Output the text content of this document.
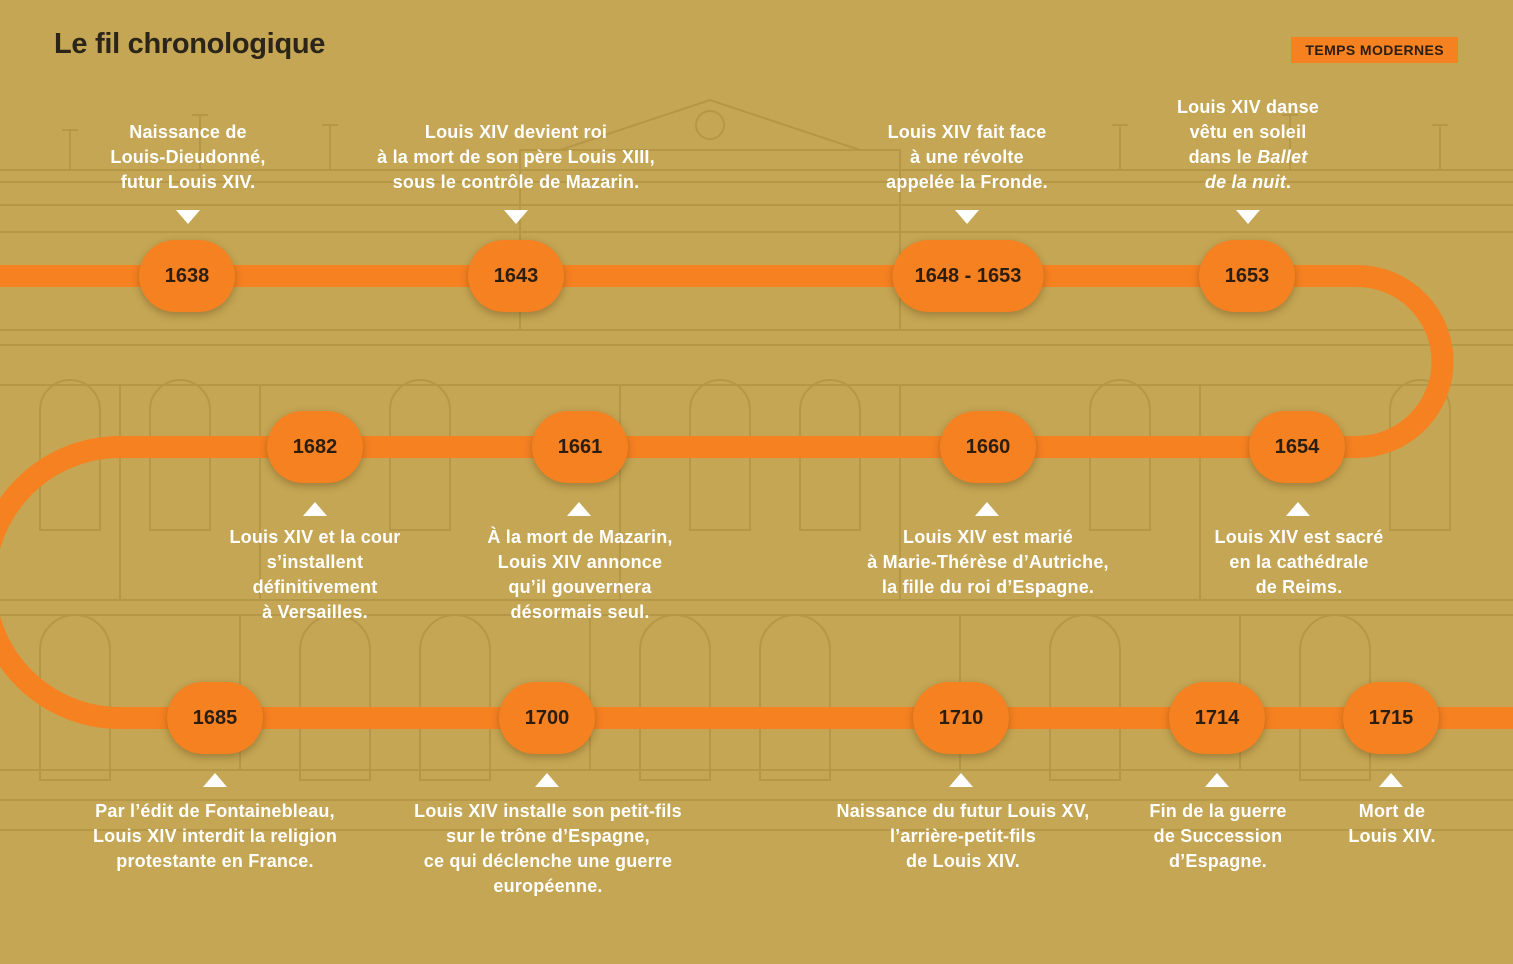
Le fil chronologique	TEMPS MODERNES
Naissance de
Louis-Dieudonné,
futur Louis XIV.
1638
Louis XIV devient roi
à la mort de son père Louis XIII,
sous le contrôle de Mazarin.
1643
Louis XIV fait face
à une révolte
appelée la Fronde.
1648 - 1653
Louis XIV danse
vêtu en soleil
dans le Ballet
de la nuit.
1653
1654
Louis XIV est sacré
en la cathédrale
de Reims.
1660
Louis XIV est marié
à Marie-Thérèse d’Autriche,
la fille du roi d’Espagne.
1661
À la mort de Mazarin,
Louis XIV annonce
qu’il gouvernera
désormais seul.
1682
Louis XIV et la cour
s’installent
définitivement
à Versailles.
1685
Par l’édit de Fontainebleau,
Louis XIV interdit la religion
protestante en France.
1700
Louis XIV installe son petit-fils
sur le trône d’Espagne,
ce qui déclenche une guerre
européenne.
1710
Naissance du futur Louis XV,
l’arrière-petit-fils
de Louis XIV.
1714
Fin de la guerre
de Succession
d’Espagne.
1715
Mort de
Louis XIV.
